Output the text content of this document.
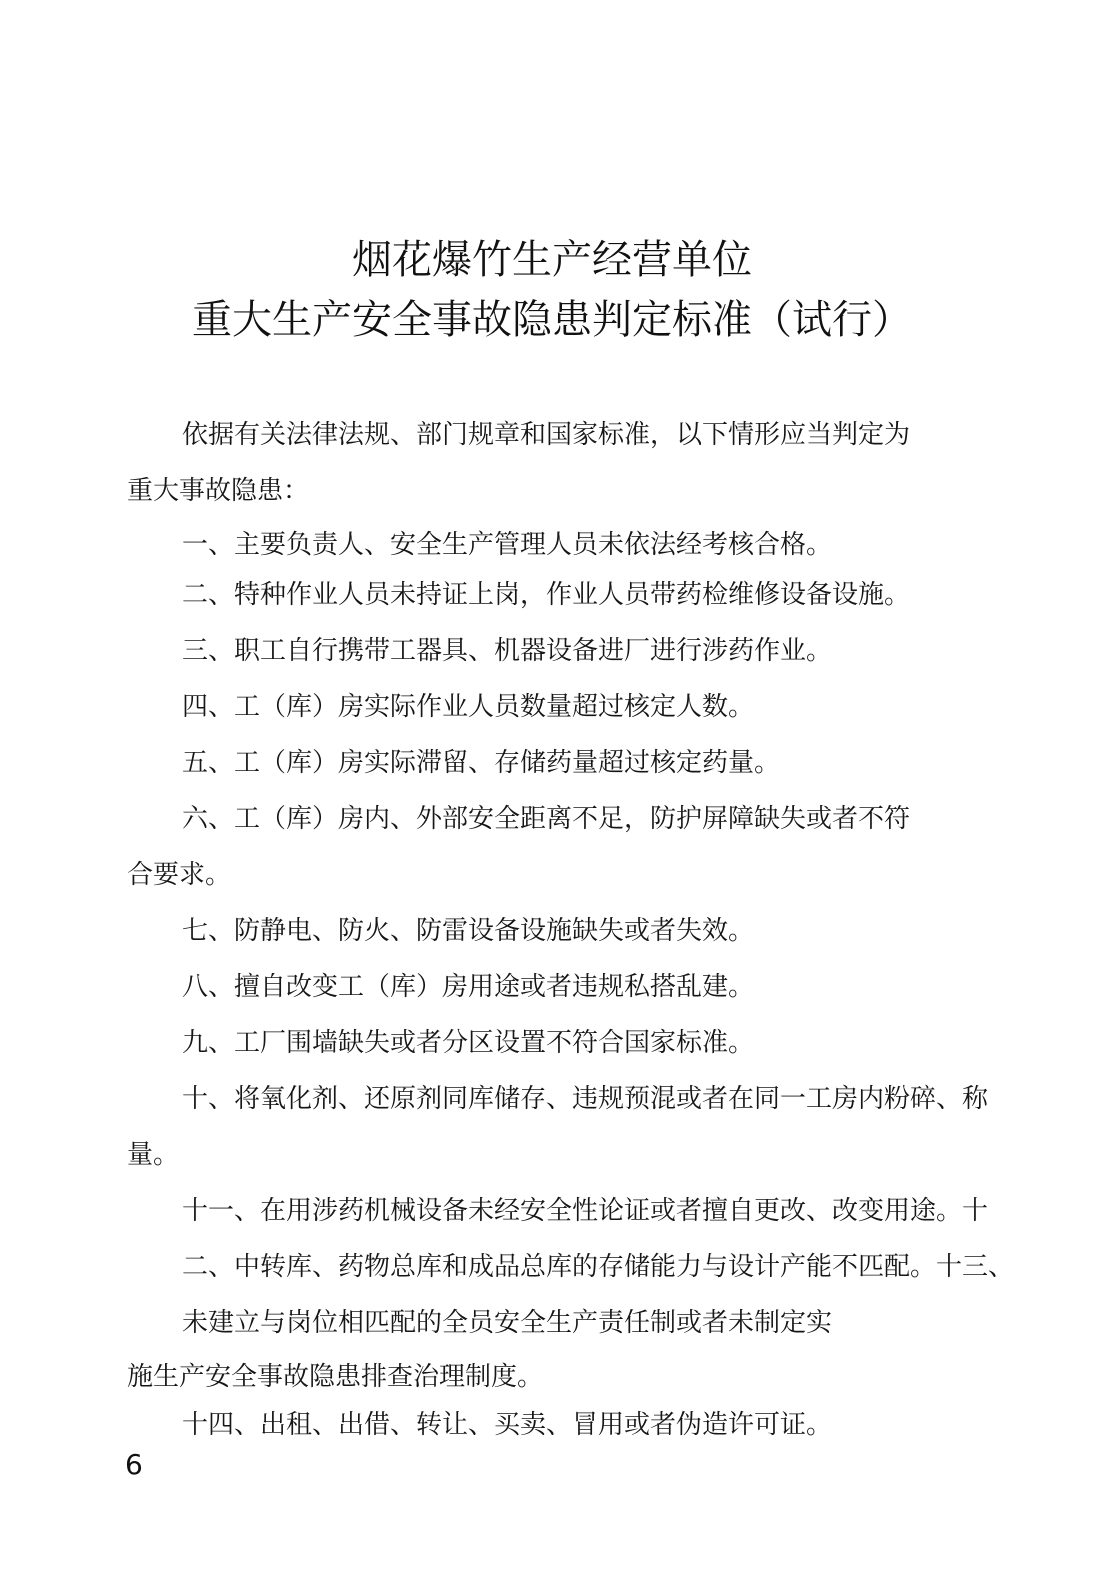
烟花爆竹生产经营单位
重大生产安全事故隐患判定标准（试行）
依据有关法律法规、部门规章和国家标准，以下情形应当判定为
重大事故隐患：
一、主要负责人、安全生产管理人员未依法经考核合格。
二、特种作业人员未持证上岗，作业人员带药检维修设备设施。
三、职工自行携带工器具、机器设备进厂进行涉药作业。
四、工（库）房实际作业人员数量超过核定人数。
五、工（库）房实际滞留、存储药量超过核定药量。
六、工（库）房内、外部安全距离不足，防护屏障缺失或者不符
合要求。
七、防静电、防火、防雷设备设施缺失或者失效。
八、擅自改变工（库）房用途或者违规私搭乱建。
九、工厂围墙缺失或者分区设置不符合国家标准。
十、将氧化剂、还原剂同库储存、违规预混或者在同一工房内粉碎、称
量。
十一、在用涉药机械设备未经安全性论证或者擅自更改、改变用途。十
二、中转库、药物总库和成品总库的存储能力与设计产能不匹配。十三、
未建立与岗位相匹配的全员安全生产责任制或者未制定实
施生产安全事故隐患排查治理制度。
十四、出租、出借、转让、买卖、冒用或者伪造许可证。
6
